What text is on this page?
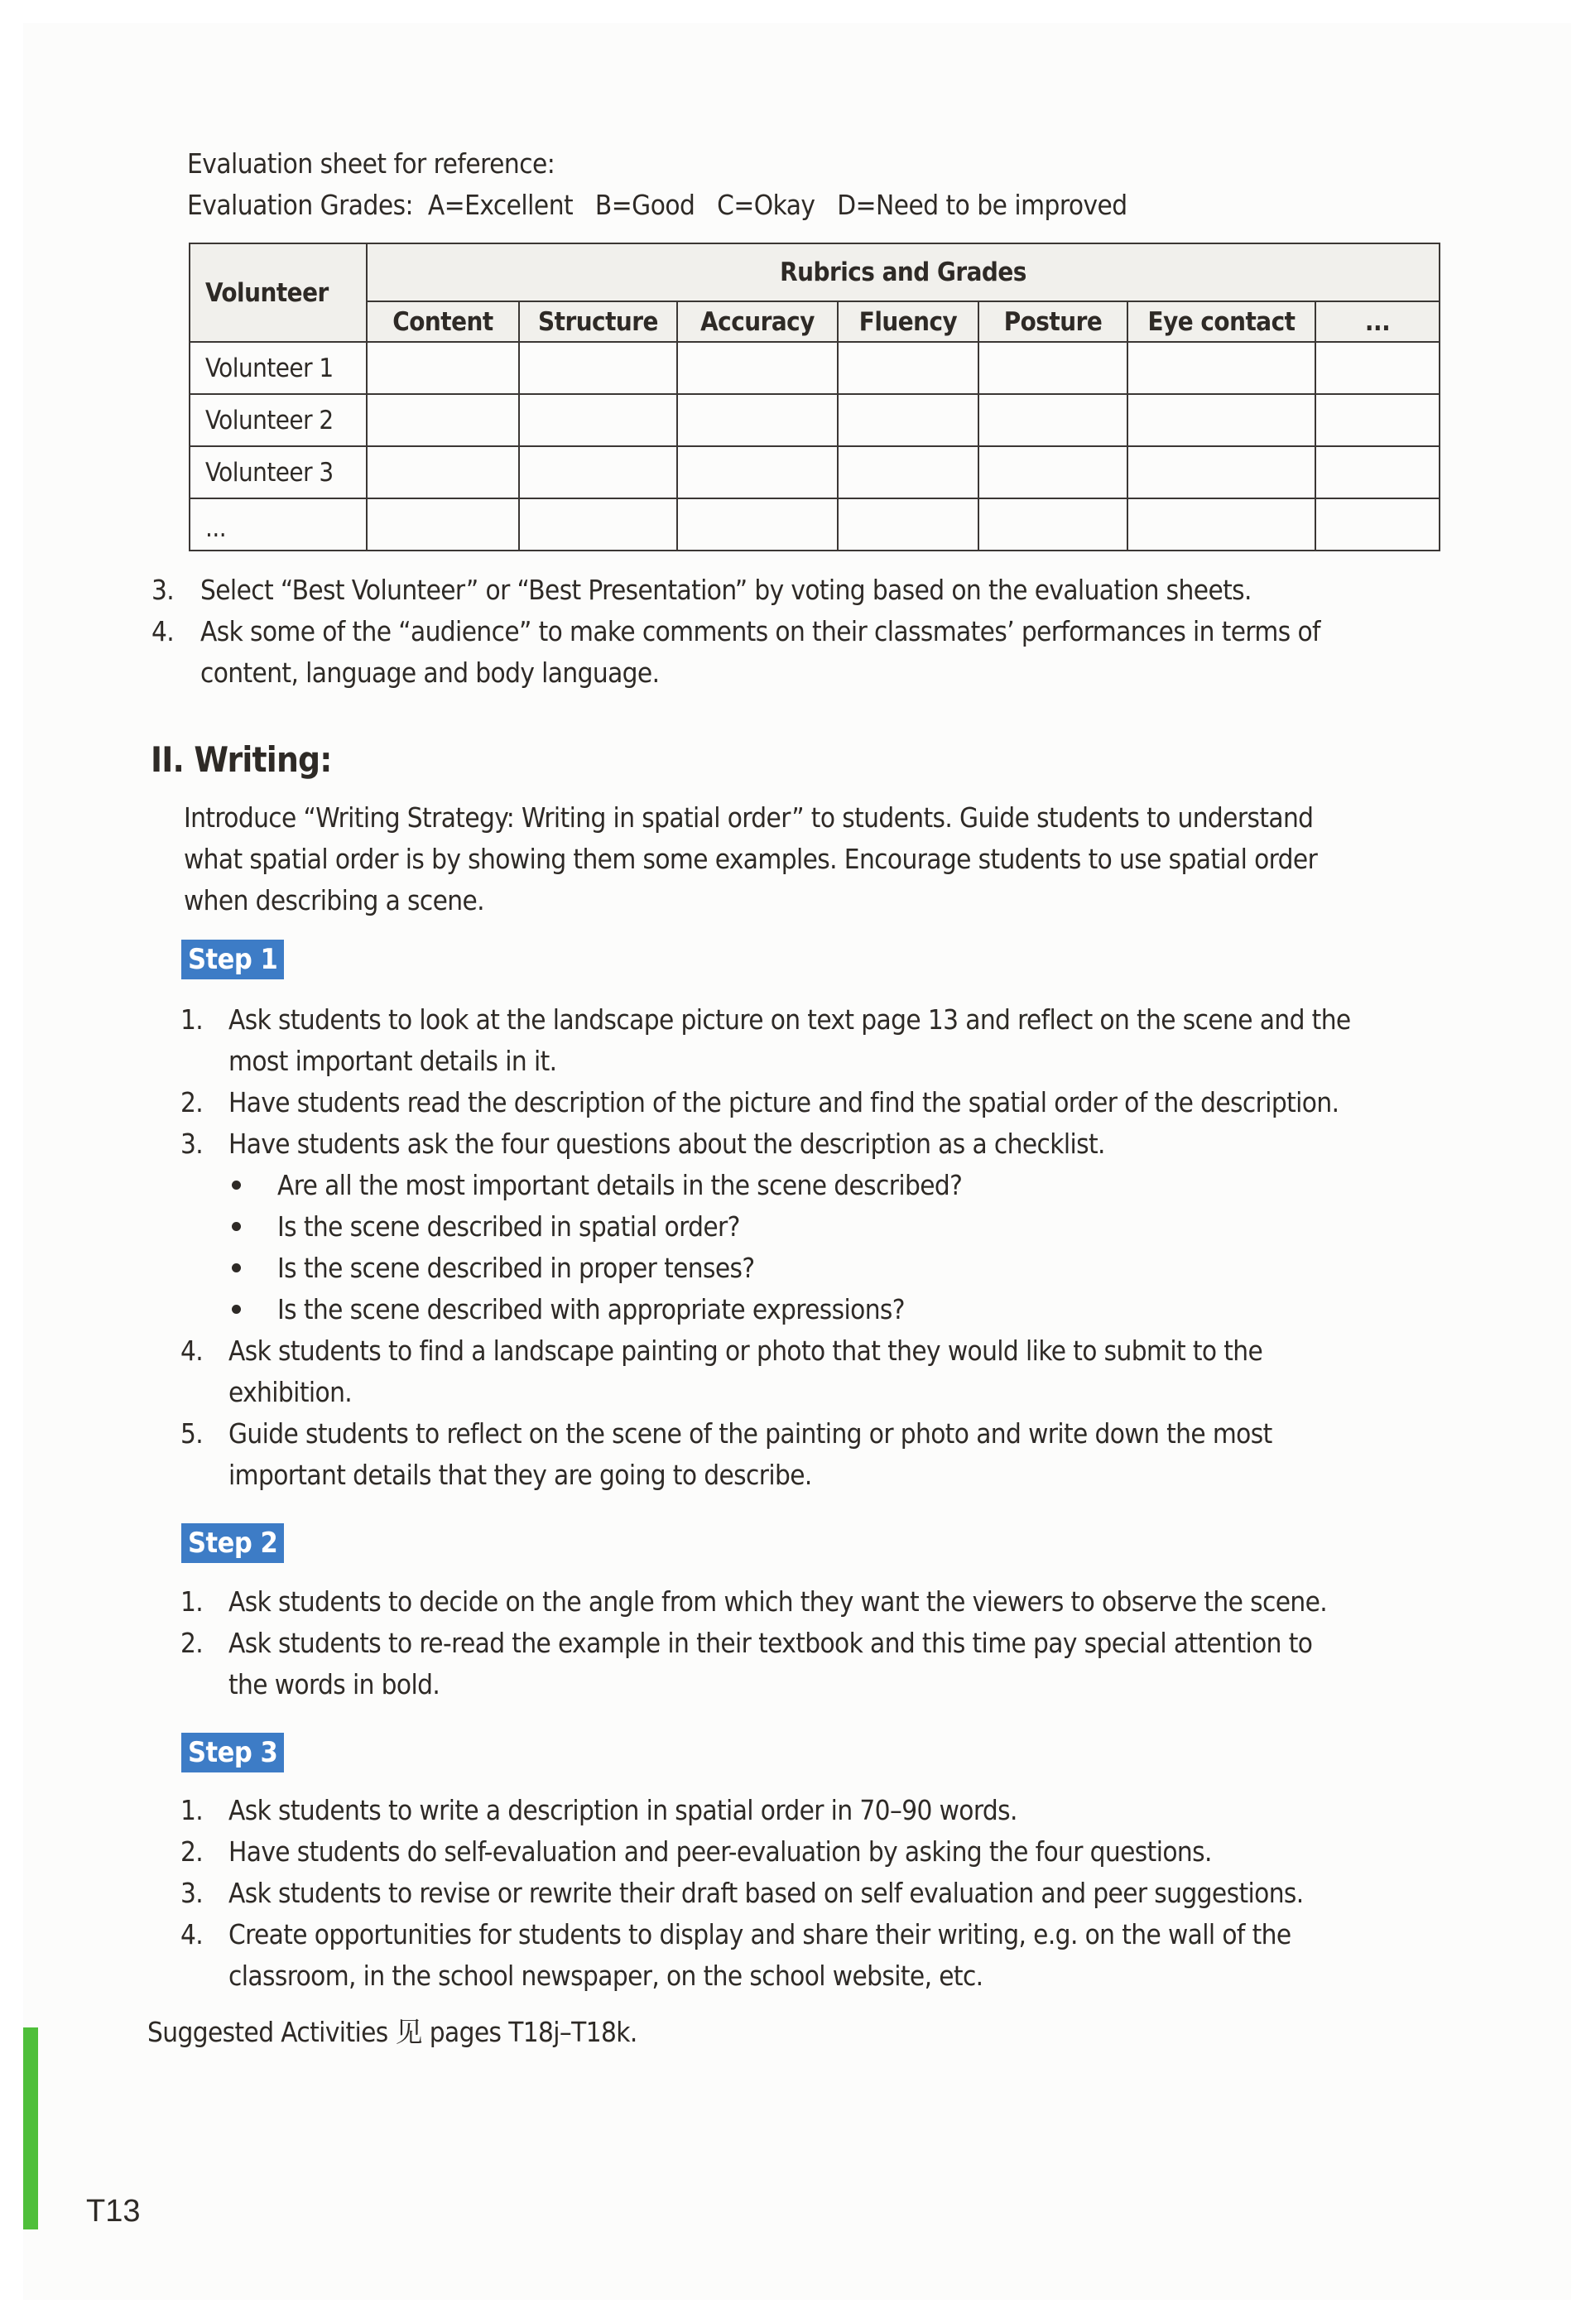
Evaluation sheet for reference:
Evaluation Grades:  A=Excellent   B=Good   C=Okay   D=Need to be improved
Volunteer	Rubrics and Grades						
	Content	Structure	Accuracy	Fluency	Posture	Eye contact	...
Volunteer 1							
Volunteer 2							
Volunteer 3							
...							
3. Select “Best Volunteer” or “Best Presentation” by voting based on the evaluation sheets.
4. Ask some of the “audience” to make comments on their classmates’ performances in terms of
content, language and body language.
II. Writing:
Introduce “Writing Strategy: Writing in spatial order” to students. Guide students to understand
what spatial order is by showing them some examples. Encourage students to use spatial order
when describing a scene.
Step 1
1. Ask students to look at the landscape picture on text page 13 and reflect on the scene and the
most important details in it.
2. Have students read the description of the picture and find the spatial order of the description.
3. Have students ask the four questions about the description as a checklist.
Are all the most important details in the scene described?
Is the scene described in spatial order?
Is the scene described in proper tenses?
Is the scene described with appropriate expressions?
4. Ask students to find a landscape painting or photo that they would like to submit to the
exhibition.
5. Guide students to reflect on the scene of the painting or photo and write down the most
important details that they are going to describe.
Step 2
1. Ask students to decide on the angle from which they want the viewers to observe the scene.
2. Ask students to re-read the example in their textbook and this time pay special attention to
the words in bold.
Step 3
1. Ask students to write a description in spatial order in 70–90 words.
2. Have students do self-evaluation and peer-evaluation by asking the four questions.
3. Ask students to revise or rewrite their draft based on self evaluation and peer suggestions.
4. Create opportunities for students to display and share their writing, e.g. on the wall of the
classroom, in the school newspaper, on the school website, etc.
Suggested Activities 见 pages T18j–T18k.
T13
